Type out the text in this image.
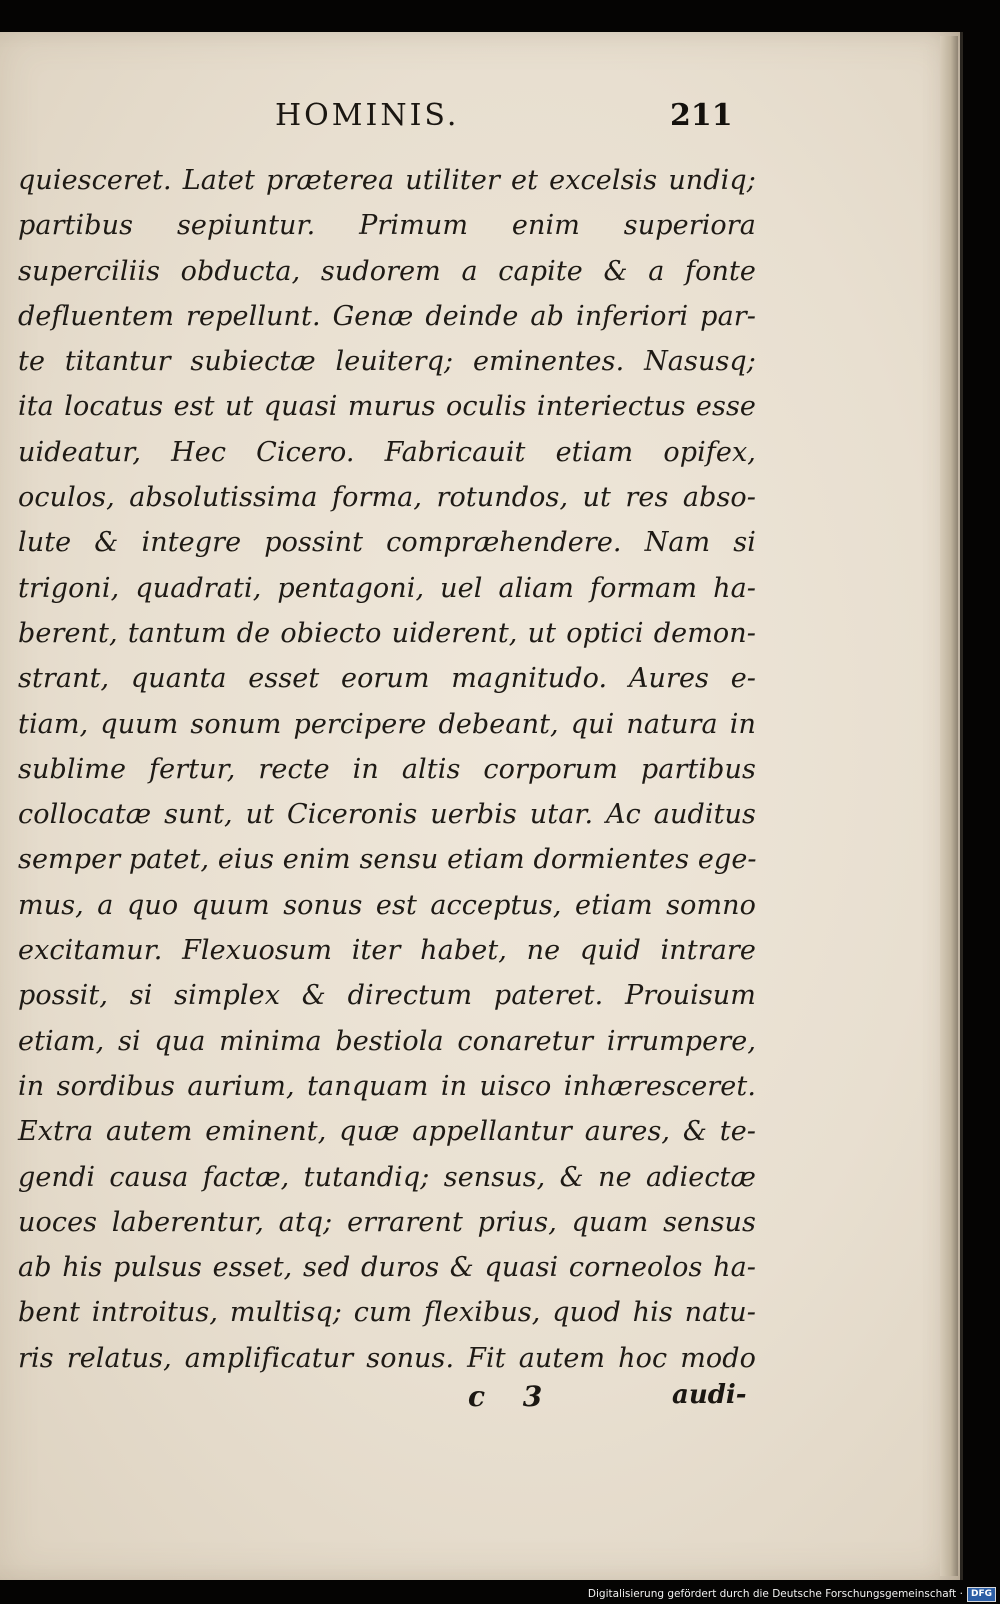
HOMINIS.	211
quiesceret. Latet prӕterea utiliter et excelsis undiq;
partibus sepiuntur. Primum enim superiora
superciliis obducta, sudorem a capite & a fonte
defluentem repellunt. Genӕ deinde ab inferiori par-
te titantur subiectӕ leuiterq; eminentes. Nasusq;
ita locatus est ut quasi murus oculis interiectus esse
uideatur, Hec Cicero. Fabricauit etiam opifex,
oculos, absolutissima forma, rotundos, ut res abso-
lute & integre possint comprӕhendere. Nam si
trigoni, quadrati, pentagoni, uel aliam formam ha-
berent, tantum de obiecto uiderent, ut optici demon-
strant, quanta esset eorum magnitudo. Aures e-
tiam, quum sonum percipere debeant, qui natura in
sublime fertur, recte in altis corporum partibus
collocatӕ sunt, ut Ciceronis uerbis utar. Ac auditus
semper patet, eius enim sensu etiam dormientes ege-
mus, a quo quum sonus est acceptus, etiam somno
excitamur. Flexuosum iter habet, ne quid intrare
possit, si simplex & directum pateret. Prouisum
etiam, si qua minima bestiola conaretur irrumpere,
in sordibus aurium, tanquam in uisco inhӕresceret.
Extra autem eminent, quӕ appellantur aures, & te-
gendi causa factӕ, tutandiq; sensus, & ne adiectӕ
uoces laberentur, atq; errarent prius, quam sensus
ab his pulsus esset, sed duros & quasi corneolos ha-
bent introitus, multisq; cum flexibus, quod his natu-
ris relatus, amplificatur sonus. Fit autem hoc modo
c 3	audi-
Digitalisierung gefördert durch die Deutsche Forschungsgemeinschaft · DFG
